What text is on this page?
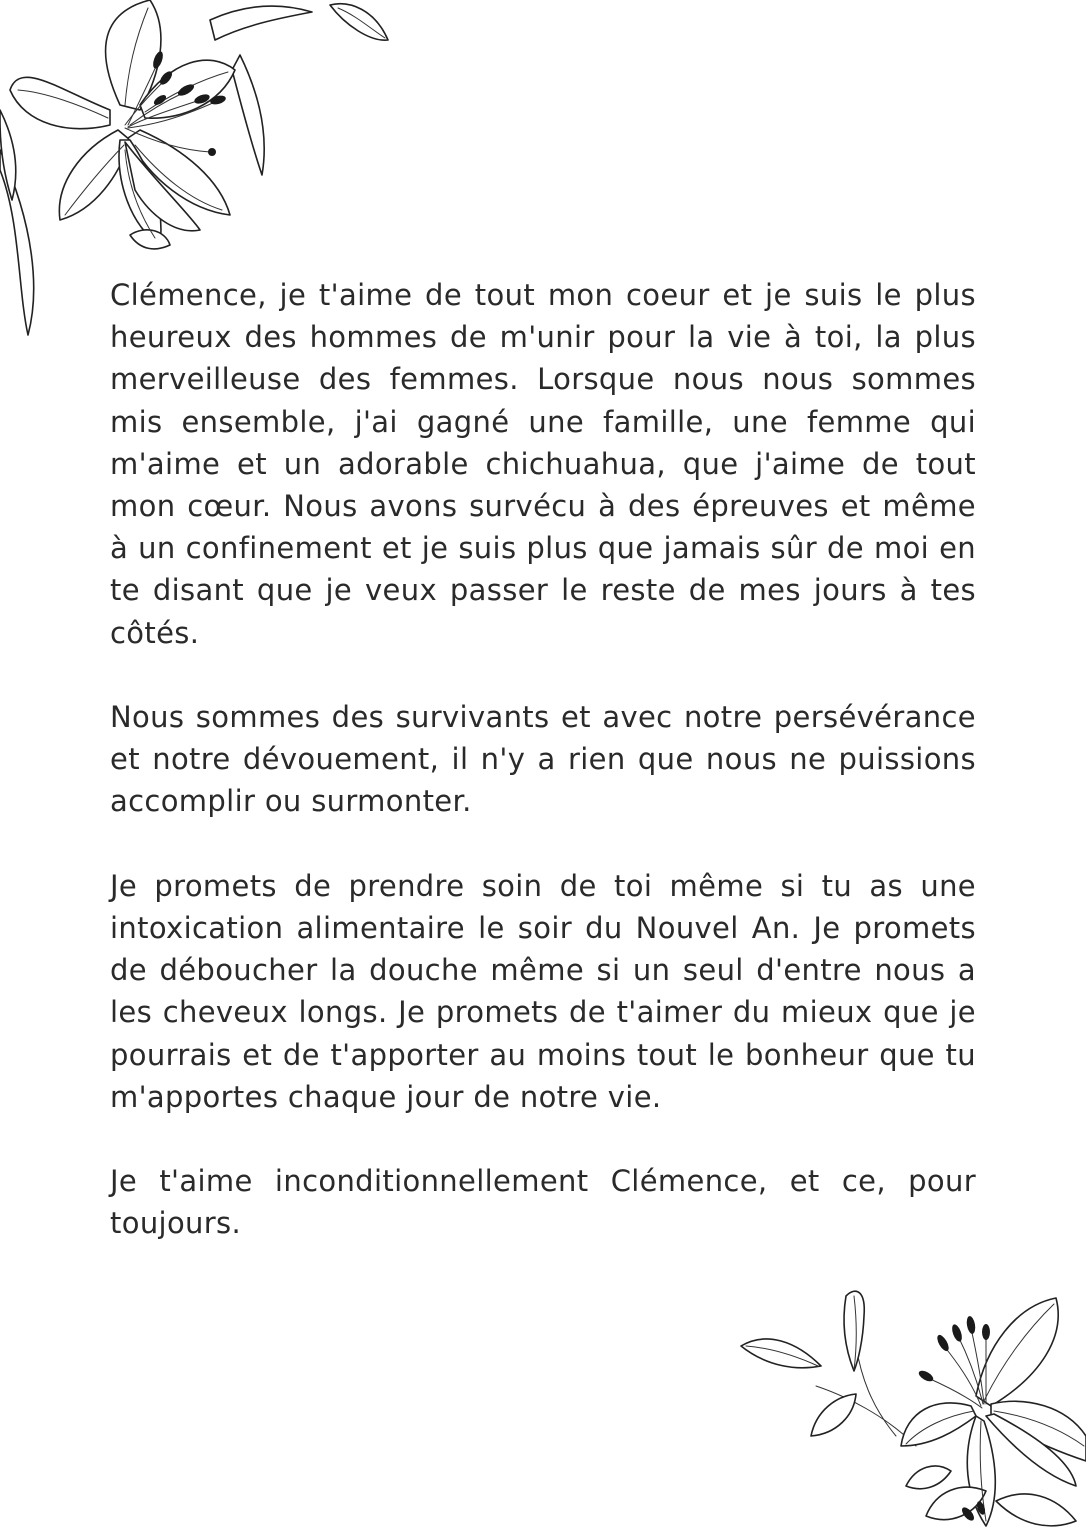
Clémence, je t'aime de tout mon coeur et je suis le plus heureux des hommes de m'unir pour la vie à toi, la plus merveilleuse des femmes. Lorsque nous nous sommes mis ensemble, j'ai gagné une famille, une femme qui m'aime et un adorable chichuahua, que j'aime de tout mon cœur. Nous avons survécu à des épreuves et même à un confinement et je suis plus que jamais sûr de moi en te disant que je veux passer le reste de mes jours à tes côtés.

Nous sommes des survivants et avec notre persévérance et notre dévouement, il n'y a rien que nous ne puissions accomplir ou surmonter.

Je promets de prendre soin de toi même si tu as une intoxication alimentaire le soir du Nouvel An. Je promets de déboucher la douche même si un seul d'entre nous a les cheveux longs. Je promets de t'aimer du mieux que je pourrais et de t'apporter au moins tout le bonheur que tu m'apportes chaque jour de notre vie.

Je t'aime inconditionnellement Clémence, et ce, pour toujours.
